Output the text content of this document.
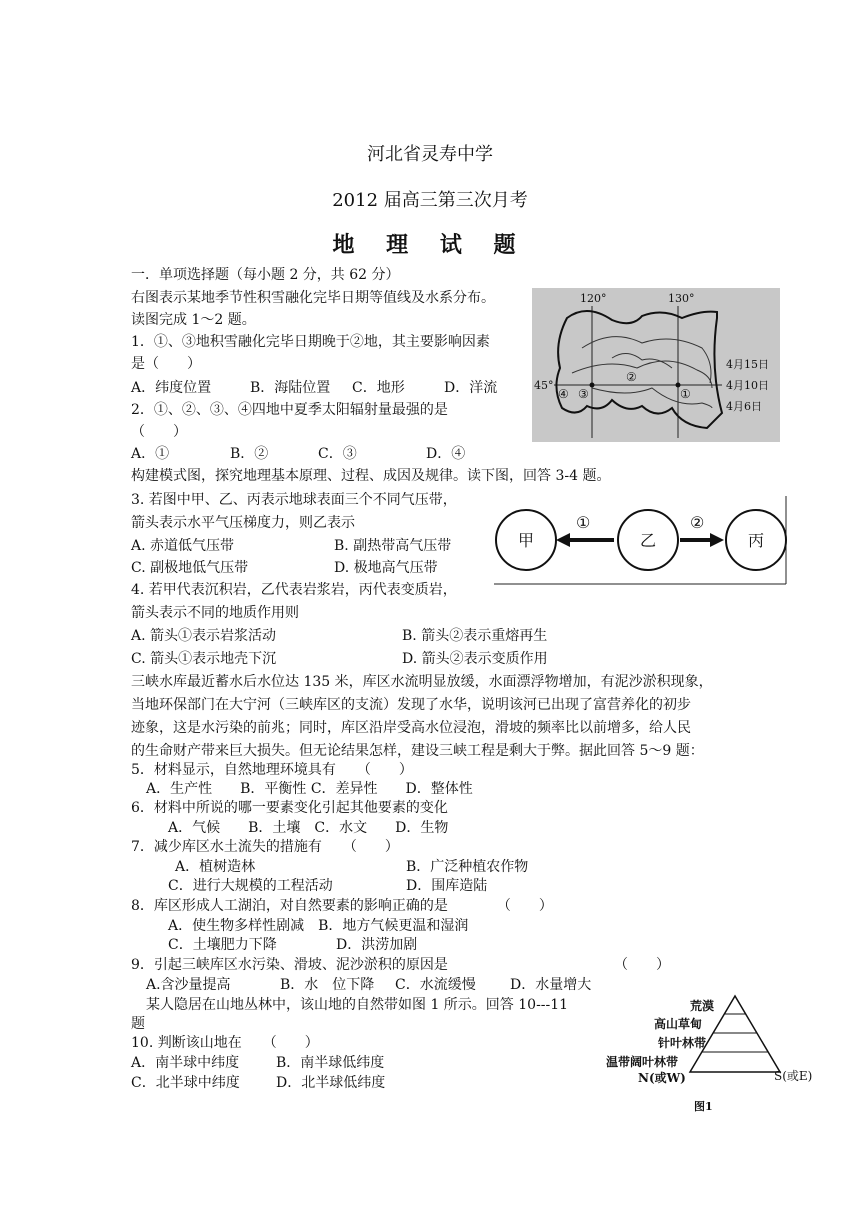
河北省灵寿中学
2012 届高三第三次月考
地 理 试 题
一．单项选择题（每小题 2 分，共 62 分）
右图表示某地季节性积雪融化完毕日期等值线及水系分布。
读图完成 1～2 题。
1．①、③地积雪融化完毕日期晚于②地，其主要影响因素
是（　　）
A．纬度位置	B．海陆位置 C．地形	D．洋流
2．①、②、③、④四地中夏季太阳辐射量最强的是
（　　）
A．①	B．②	C．③	D．④
120°	130°
45°
4月15日
4月10日
4月6日
①
②
③
④
构建模式图，探究地理基本原理、过程、成因及规律。读下图，回答 3-4 题。
3. 若图中甲、乙、丙表示地球表面三个不同气压带，
箭头表示水平气压梯度力，则乙表示
A. 赤道低气压带	B. 副热带高气压带
C. 副极地低气压带	D. 极地高气压带
甲	乙	丙
①	②
4. 若甲代表沉积岩，乙代表岩浆岩，丙代表变质岩，
箭头表示不同的地质作用则
A. 箭头①表示岩浆活动	B. 箭头②表示重熔再生
C. 箭头①表示地壳下沉	D. 箭头②表示变质作用
三峡水库最近蓄水后水位达 135 米，库区水流明显放缓，水面漂浮物增加，有泥沙淤积现象，
当地环保部门在大宁河（三峡库区的支流）发现了水华，说明该河已出现了富营养化的初步
迹象，这是水污染的前兆；同时，库区沿岸受高水位浸泡，滑坡的频率比以前增多，给人民
的生命财产带来巨大损失。但无论结果怎样，建设三峡工程是剩大于弊。据此回答 5～9 题：
5．材料显示，自然地理环境具有　　（　　）
A．生产性　　B．平衡性 C．差异性　　D．整体性
6．材料中所说的哪一要素变化引起其他要素的变化
A．气候　　B．土壤　C．水文　　D．生物
7．减少库区水土流失的措施有　　（　　）
A．植树造林	B．广泛种植农作物
C．进行大规模的工程活动	D．围库造陆
8．库区形成人工湖泊，对自然要素的影响正确的是　　　　（　　）
A．使生物多样性剧减　B．地方气候更温和湿润
C．土壤肥力下降	D．洪涝加剧
9．引起三峡库区水污染、滑坡、泥沙淤积的原因是	（　　）
A.含沙量提高	B．水　位下降 C．水流缓慢 D．水量增大
某人隐居在山地丛林中，该山地的自然带如图 1 所示。回答 10---11
题
10. 判断该山地在　　（　　）
A．南半球中纬度	B．南半球低纬度
C．北半球中纬度	D．北半球低纬度
荒漠
高山草甸
针叶林带
温带阔叶林带
N(或W)	S(或E)
图1
